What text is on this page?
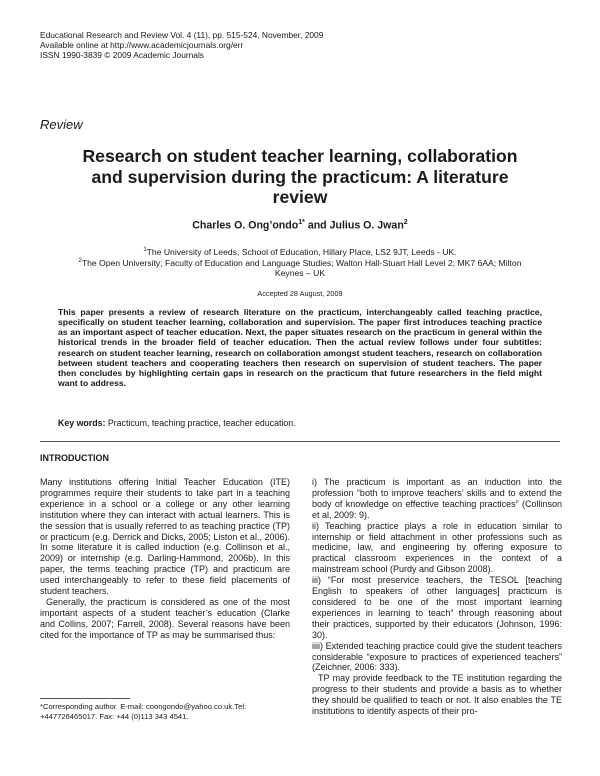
Educational Research and Review Vol. 4 (11), pp. 515-524, November, 2009
Available online at http://www.academicjournals.org/err
ISSN 1990-3839 © 2009 Academic Journals
Review
Research on student teacher learning, collaboration
and supervision during the practicum: A literature
review
Charles O. Ong’ondo$^{1*}$ and Julius O. Jwan$^2$
$^1$The University of Leeds, School of Education, Hillary Place, LS2 9JT, Leeds - UK.
$^2$The Open University; Faculty of Education and Language Studies; Walton Hall-Stuart Hall Level 2; MK7 6AA; Milton
Keynes – UK
Accepted 28 August, 2009
This paper presents a review of research literature on the practicum, interchangeably called teaching practice, specifically on student teacher learning, collaboration and supervision. The paper first introduces teaching practice as an important aspect of teacher education. Next, the paper situates research on the practicum in general within the historical trends in the broader field of teacher education. Then the actual review follows under four subtitles: research on student teacher learning, research on collaboration amongst student teachers, research on collaboration between student teachers and cooperating teachers then research on supervision of student teachers. The paper then concludes by highlighting certain gaps in research on the practicum that future researchers in the field might want to address.
Key words: Practicum, teaching practice, teacher education.
INTRODUCTION

Many institutions offering Initial Teacher Education (ITE) programmes require their students to take part in a teaching experience in a school or a college or any other learning institution where they can interact with actual learners. This is the session that is usually referred to as teaching practice (TP) or practicum (e.g. Derrick and Dicks, 2005; Liston et al., 2006). In some literature it is called induction (e.g. Collinson et al., 2009) or internship (e.g. Darling-Hammond, 2006b). In this paper, the terms teaching practice (TP) and practicum are used interchangeably to refer to these field placements of student teachers.

Generally, the practicum is considered as one of the most important aspects of a student teacher’s education (Clarke and Collins, 2007; Farrell, 2008). Several reasons have been cited for the importance of TP as may be summarised thus:

i) The practicum is important as an induction into the profession “both to improve teachers’ skills and to extend the body of knowledge on effective teaching practices” (Collinson et al, 2009: 9).

ii) Teaching practice plays a role in education similar to internship or field attachment in other professions such as medicine, law, and engineering by offering exposure to practical classroom experiences in the context of a mainstream school (Purdy and Gibson 2008).

iii) “For most preservice teachers, the TESOL [teaching English to speakers of other languages] practicum is considered to be one of the most important learning experiences in learning to teach” through reasoning about their practices, supported by their educators (Johnson, 1996: 30).

iiii) Extended teaching practice could give the student teachers considerable “exposure to practices of experienced teachers” (Zeichner, 2006: 333).

TP may provide feedback to the TE institution regarding the progress to their students and provide a basis as to whether they should be qualified to teach or not. It also enables the TE institutions to identify aspects of their pro-

*Corresponding author. E-mail: coongondo@yahoo.co.uk.Tel:
+447726465017. Fax: +44 (0)113 343 4541.
